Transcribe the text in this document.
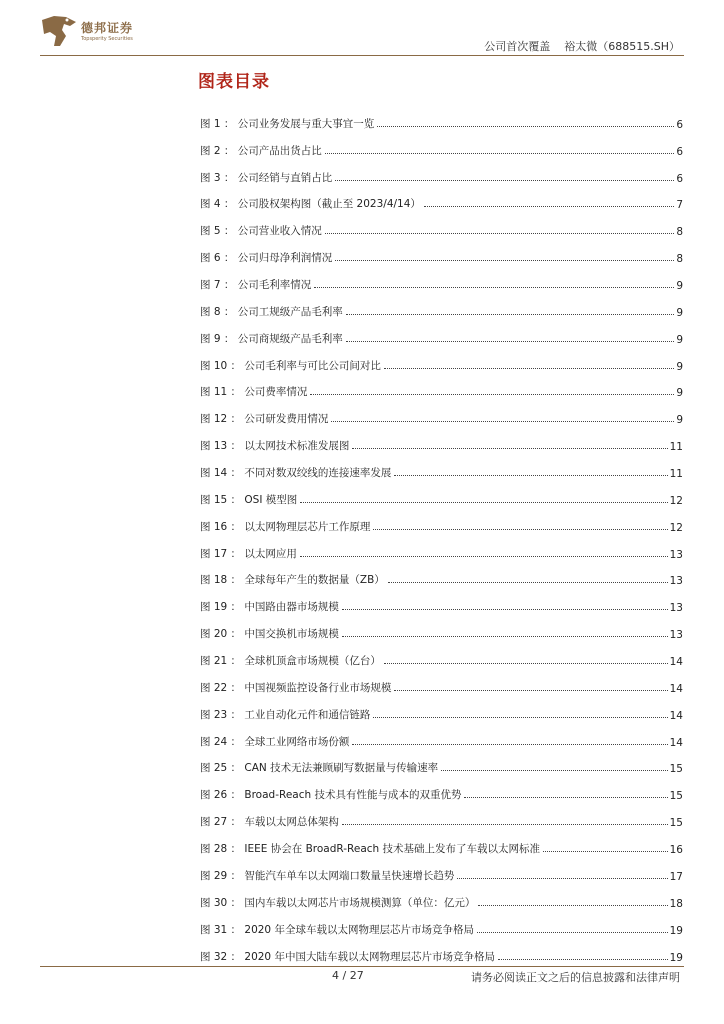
德邦证券
Topsperity Securities
公司首次覆盖 裕太微（688515.SH）
图表目录
图 1 ： 公司业务发展与重大事宜一览	6
图 2 ： 公司产品出货占比	6
图 3 ： 公司经销与直销占比	6
图 4 ： 公司股权架构图（截止至 2023/4/14）	7
图 5 ： 公司营业收入情况	8
图 6 ： 公司归母净利润情况	8
图 7 ： 公司毛利率情况	9
图 8 ： 公司工规级产品毛利率	9
图 9 ： 公司商规级产品毛利率	9
图 10 ： 公司毛利率与可比公司间对比	9
图 11 ： 公司费率情况	9
图 12 ： 公司研发费用情况	9
图 13 ： 以太网技术标准发展图	11
图 14 ： 不同对数双绞线的连接速率发展	11
图 15 ： OSI 模型图	12
图 16 ： 以太网物理层芯片工作原理	12
图 17 ： 以太网应用	13
图 18 ： 全球每年产生的数据量（ZB）	13
图 19 ： 中国路由器市场规模	13
图 20 ： 中国交换机市场规模	13
图 21 ： 全球机顶盒市场规模（亿台）	14
图 22 ： 中国视频监控设备行业市场规模	14
图 23 ： 工业自动化元件和通信链路	14
图 24 ： 全球工业网络市场份额	14
图 25 ： CAN 技术无法兼顾刷写数据量与传输速率	15
图 26 ： Broad-Reach 技术具有性能与成本的双重优势	15
图 27 ： 车载以太网总体架构	15
图 28 ： IEEE 协会在 BroadR-Reach 技术基础上发布了车载以太网标准	16
图 29 ： 智能汽车单车以太网端口数量呈快速增长趋势	17
图 30 ： 国内车载以太网芯片市场规模测算（单位：亿元）	18
图 31 ： 2020 年全球车载以太网物理层芯片市场竞争格局	19
图 32 ： 2020 年中国大陆车载以太网物理层芯片市场竞争格局	19
4 / 27	请务必阅读正文之后的信息披露和法律声明
